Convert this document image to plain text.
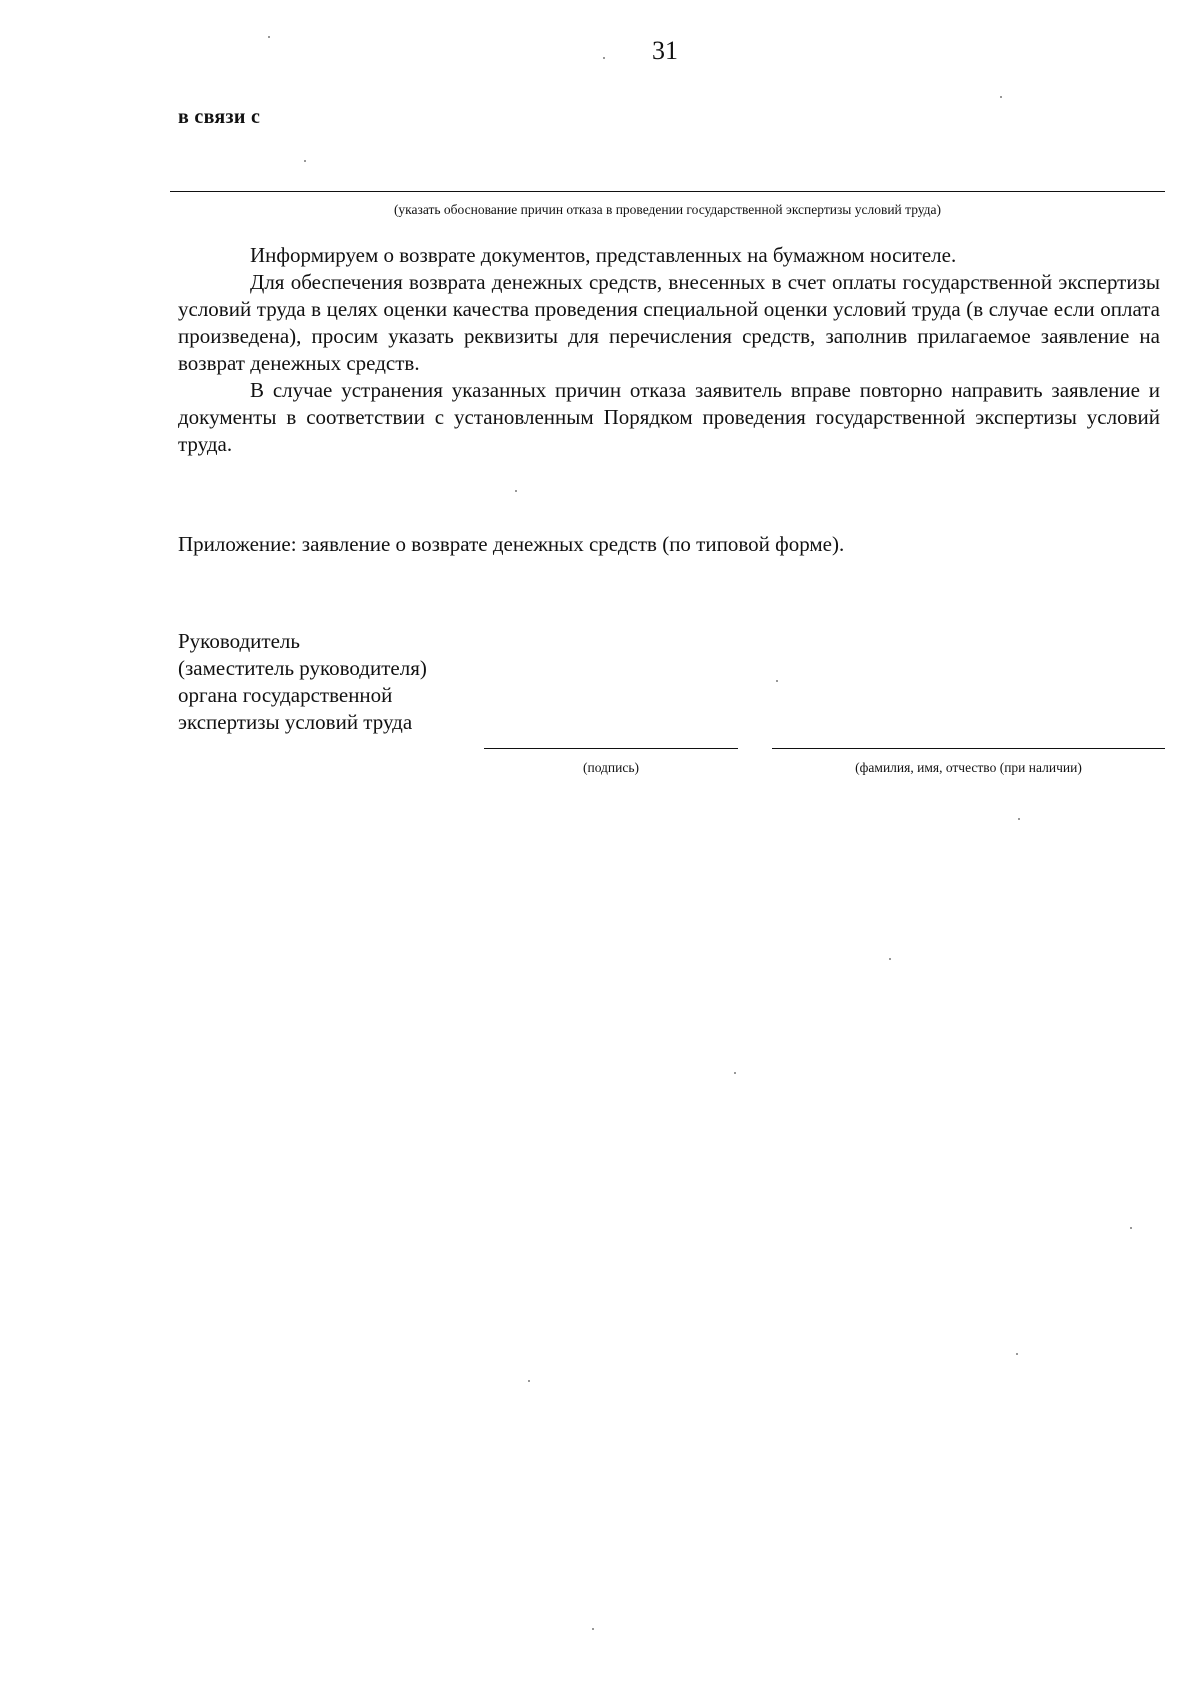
31
в связи с
(указать обоснование причин отказа в проведении государственной экспертизы условий труда)

Информируем о возврате документов, представленных на бумажном носителе.

Для обеспечения возврата денежных средств, внесенных в счет оплаты государственной экспертизы условий труда в целях оценки качества проведения специальной оценки условий труда (в случае если оплата произведена), просим указать реквизиты для перечисления средств, заполнив прилагаемое заявление на возврат денежных средств.

В случае устранения указанных причин отказа заявитель вправе повторно направить заявление и документы в соответствии с установленным Порядком проведения государственной экспертизы условий труда.

Приложение: заявление о возврате денежных средств (по типовой форме).
Руководитель
(заместитель руководителя)
органа государственной
экспертизы условий труда
(подпись)	(фамилия, имя, отчество (при наличии)
